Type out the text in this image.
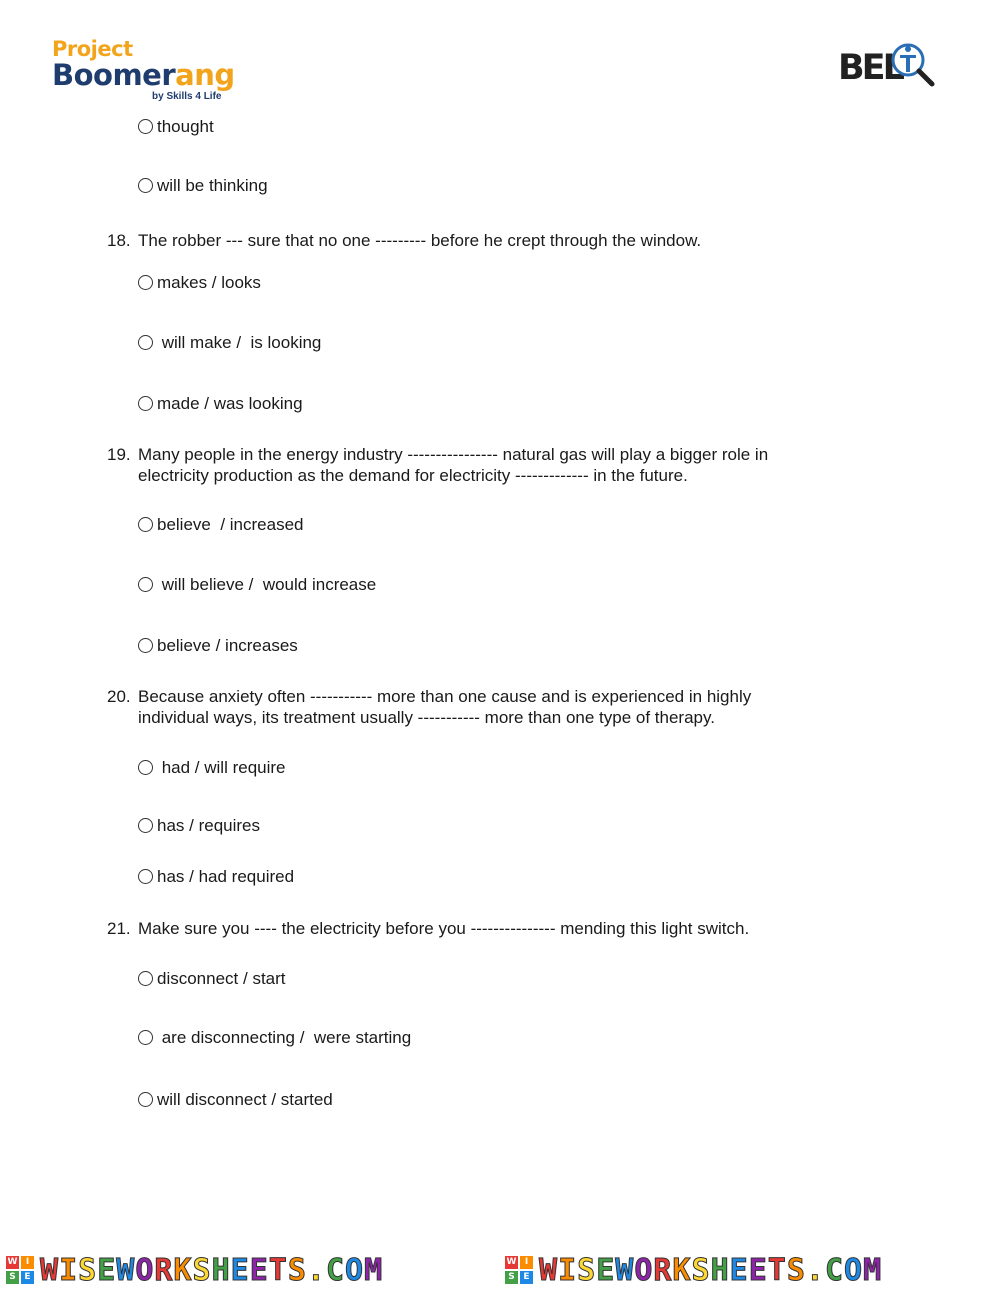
Project
Boomerang
by Skills 4 Life
BEL
thought
will be thinking
18. The robber --- sure that no one --------- before he crept through the window.
makes / looks
will make /  is looking
made / was looking
19. Many people in the energy industry ---------------- natural gas will play a bigger role in
electricity production as the demand for electricity ------------- in the future.
believe  / increased
will believe /  would increase
believe / increases
20. Because anxiety often ----------- more than one cause and is experienced in highly
individual ways, its treatment usually ----------- more than one type of therapy.
had / will require
has / requires
has / had required
21. Make sure you ---- the electricity before you --------------- mending this light switch.
disconnect / start
are disconnecting /  were starting
will disconnect / started
W I
S E WISEWORKSHEETS.COM	W I
S E WISEWORKSHEETS.COM
